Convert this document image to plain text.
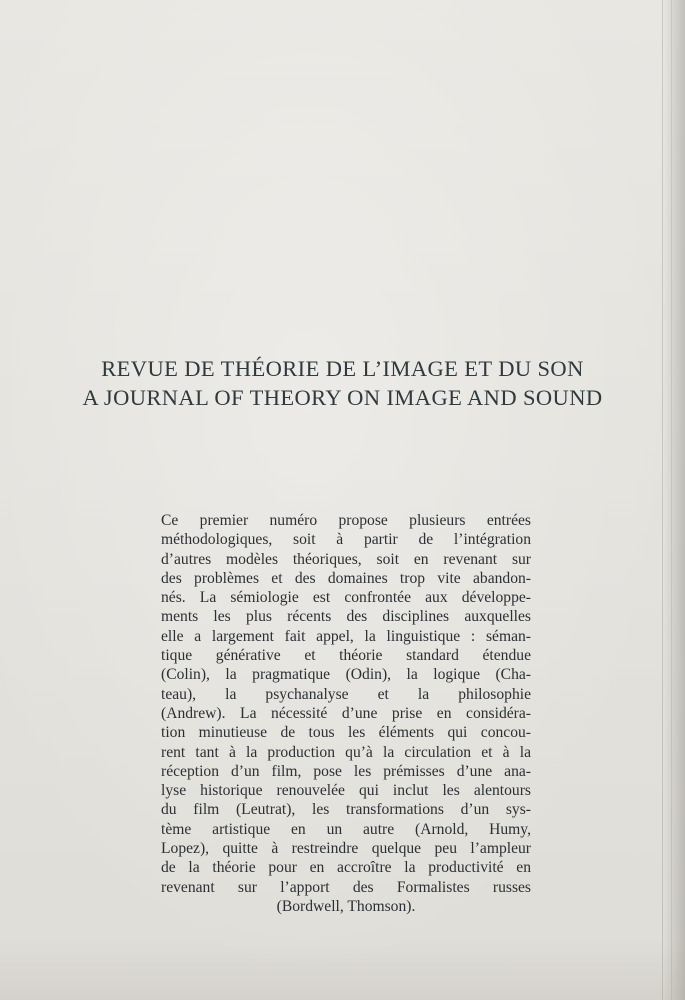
REVUE DE THÉORIE DE L’IMAGE ET DU SON
A JOURNAL OF THEORY ON IMAGE AND SOUND
Ce premier numéro propose plusieurs entrées
méthodologiques, soit à partir de l’intégration
d’autres modèles théoriques, soit en revenant sur
des problèmes et des domaines trop vite abandon-
nés. La sémiologie est confrontée aux développe-
ments les plus récents des disciplines auxquelles
elle a largement fait appel, la linguistique : séman-
tique générative et théorie standard étendue
(Colin), la pragmatique (Odin), la logique (Cha-
teau), la psychanalyse et la philosophie
(Andrew). La nécessité d’une prise en considéra-
tion minutieuse de tous les éléments qui concou-
rent tant à la production qu’à la circulation et à la
réception d’un film, pose les prémisses d’une ana-
lyse historique renouvelée qui inclut les alentours
du film (Leutrat), les transformations d’un sys-
tème artistique en un autre (Arnold, Humy,
Lopez), quitte à restreindre quelque peu l’ampleur
de la théorie pour en accroître la productivité en
revenant sur l’apport des Formalistes russes
(Bordwell, Thomson).
